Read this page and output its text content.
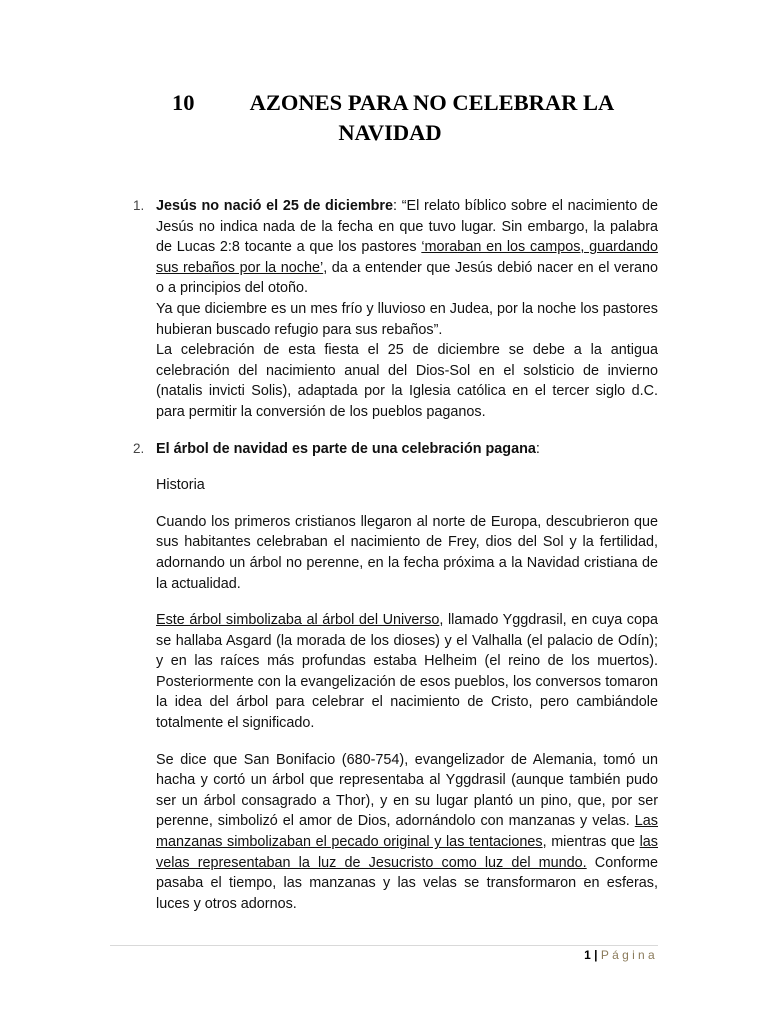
10	AZONES PARA NO CELEBRAR LA
NAVIDAD
1. Jesús no nació el 25 de diciembre: “El relato bíblico sobre el nacimiento de Jesús no indica nada de la fecha en que tuvo lugar. Sin embargo, la palabra de Lucas 2:8 tocante a que los pastores ‘moraban en los campos, guardando sus rebaños por la noche’, da a entender que Jesús debió nacer en el verano o a principios del otoño.

Ya que diciembre es un mes frío y lluvioso en Judea, por la noche los pastores hubieran buscado refugio para sus rebaños”.

La celebración de esta fiesta el 25 de diciembre se debe a la antigua celebración del nacimiento anual del Dios-Sol en el solsticio de invierno (natalis invicti Solis), adaptada por la Iglesia católica en el tercer siglo d.C. para permitir la conversión de los pueblos paganos.

2. El árbol de navidad es parte de una celebración pagana:

Historia

Cuando los primeros cristianos llegaron al norte de Europa, descubrieron que sus habitantes celebraban el nacimiento de Frey, dios del Sol y la fertilidad, adornando un árbol no perenne, en la fecha próxima a la Navidad cristiana de la actualidad.

Este árbol simbolizaba al árbol del Universo, llamado Yggdrasil, en cuya copa se hallaba Asgard (la morada de los dioses) y el Valhalla (el palacio de Odín); y en las raíces más profundas estaba Helheim (el reino de los muertos). Posteriormente con la evangelización de esos pueblos, los conversos tomaron la idea del árbol para celebrar el nacimiento de Cristo, pero cambiándole totalmente el significado.

Se dice que San Bonifacio (680-754), evangelizador de Alemania, tomó un hacha y cortó un árbol que representaba al Yggdrasil (aunque también pudo ser un árbol consagrado a Thor), y en su lugar plantó un pino, que, por ser perenne, simbolizó el amor de Dios, adornándolo con manzanas y velas. Las manzanas simbolizaban el pecado original y las tentaciones, mientras que las velas representaban la luz de Jesucristo como luz del mundo. Conforme pasaba el tiempo, las manzanas y las velas se transformaron en esferas, luces y otros adornos.

1 | Página
